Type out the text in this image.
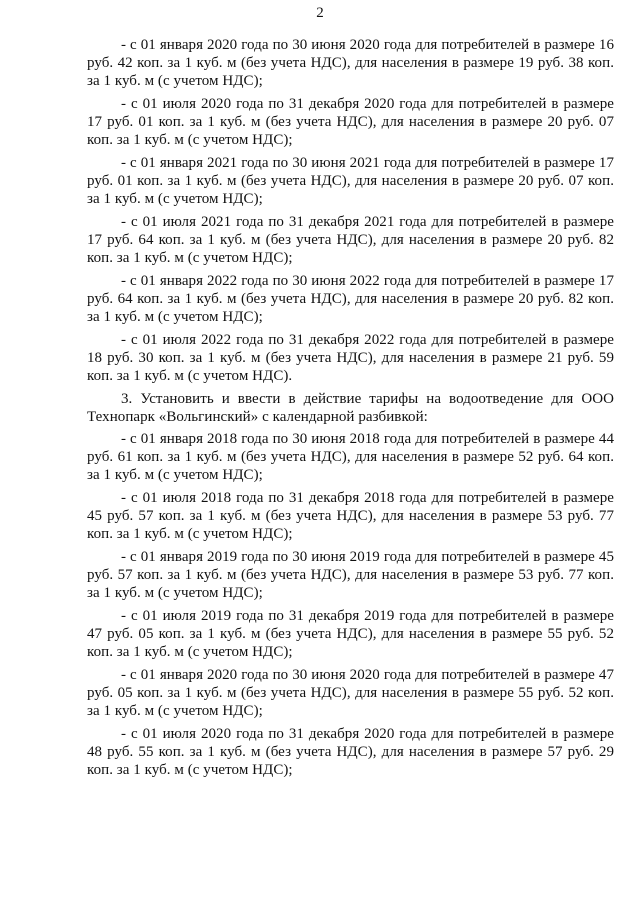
2

- с 01 января 2020 года по 30 июня 2020 года для потребителей в размере 16 руб. 42 коп. за 1 куб. м (без учета НДС), для населения в размере 19 руб. 38 коп. за 1 куб. м (с учетом НДС);

- с 01 июля 2020 года по 31 декабря 2020 года для потребителей в размере 17 руб. 01 коп. за 1 куб. м (без учета НДС), для населения в размере 20 руб. 07 коп. за 1 куб. м (с учетом НДС);

- с 01 января 2021 года по 30 июня 2021 года для потребителей в размере 17 руб. 01 коп. за 1 куб. м (без учета НДС), для населения в размере 20 руб. 07 коп. за 1 куб. м (с учетом НДС);

- с 01 июля 2021 года по 31 декабря 2021 года для потребителей в размере 17 руб. 64 коп. за 1 куб. м (без учета НДС), для населения в размере 20 руб. 82 коп. за 1 куб. м (с учетом НДС);

- с 01 января 2022 года по 30 июня 2022 года для потребителей в размере 17 руб. 64 коп. за 1 куб. м (без учета НДС), для населения в размере 20 руб. 82 коп. за 1 куб. м (с учетом НДС);

- с 01 июля 2022 года по 31 декабря 2022 года для потребителей в размере 18 руб. 30 коп. за 1 куб. м (без учета НДС), для населения в размере 21 руб. 59 коп. за 1 куб. м (с учетом НДС).

3. Установить и ввести в действие тарифы на водоотведение для ООО Технопарк «Вольгинский» с календарной разбивкой:

- с 01 января 2018 года по 30 июня 2018 года для потребителей в размере 44 руб. 61 коп. за 1 куб. м (без учета НДС), для населения в размере 52 руб. 64 коп. за 1 куб. м (с учетом НДС);

- с 01 июля 2018 года по 31 декабря 2018 года для потребителей в размере 45 руб. 57 коп. за 1 куб. м (без учета НДС), для населения в размере 53 руб. 77 коп. за 1 куб. м (с учетом НДС);

- с 01 января 2019 года по 30 июня 2019 года для потребителей в размере 45 руб. 57 коп. за 1 куб. м (без учета НДС), для населения в размере 53 руб. 77 коп. за 1 куб. м (с учетом НДС);

- с 01 июля 2019 года по 31 декабря 2019 года для потребителей в размере 47 руб. 05 коп. за 1 куб. м (без учета НДС), для населения в размере 55 руб. 52 коп. за 1 куб. м (с учетом НДС);

- с 01 января 2020 года по 30 июня 2020 года для потребителей в размере 47 руб. 05 коп. за 1 куб. м (без учета НДС), для населения в размере 55 руб. 52 коп. за 1 куб. м (с учетом НДС);

- с 01 июля 2020 года по 31 декабря 2020 года для потребителей в размере 48 руб. 55 коп. за 1 куб. м (без учета НДС), для населения в размере 57 руб. 29 коп. за 1 куб. м (с учетом НДС);
